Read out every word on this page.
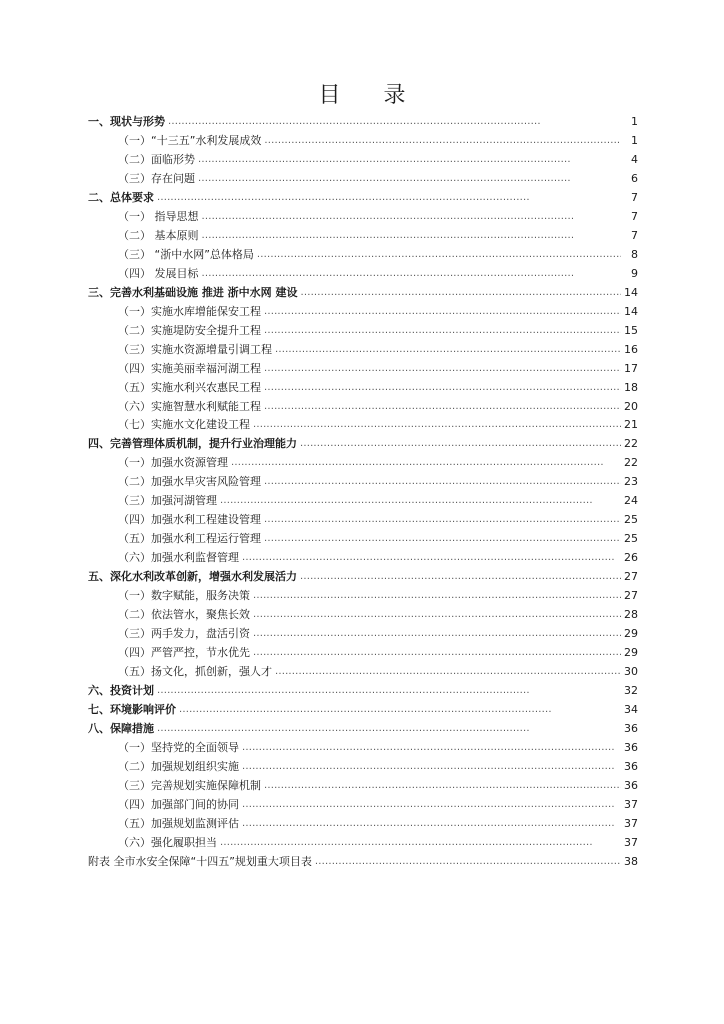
目 录
一、现状与形势 . . .	1
（一）“十三五”水利发展成效 . . .	1
（二）面临形势 . . .	4
（三）存在问题 . . .	6
二、总体要求 . . .	7
（一） 指导思想 . . .	7
（二） 基本原则 . . .	7
（三） “浙中水网”总体格局 . . .	8
（四） 发展目标 . . .	9
三、完善水利基础设施 推进 浙中水网 建设 . . .	14
（一）实施水库增能保安工程 . . .	14
（二）实施堤防安全提升工程 . . .	15
（三）实施水资源增量引调工程 . . .	16
（四）实施美丽幸福河湖工程 . . .	17
（五）实施水利兴农惠民工程 . . .	18
（六）实施智慧水利赋能工程 . . .	20
（七）实施水文化建设工程 . . .	21
四、完善管理体质机制，提升行业治理能力 . . .	22
（一）加强水资源管理 . . .	22
（二）加强水旱灾害风险管理 . . .	23
（三）加强河湖管理 . . .	24
（四）加强水利工程建设管理 . . .	25
（五）加强水利工程运行管理 . . .	25
（六）加强水利监督管理 . . .	26
五、深化水利改革创新，增强水利发展活力 . . .	27
（一）数字赋能，服务决策 . . .	27
（二）依法管水，聚焦长效 . . .	28
（三）两手发力，盘活引资 . . .	29
（四）严管严控，节水优先 . . .	29
（五）扬文化，抓创新，强人才 . . .	30
六、投资计划 . . .	32
七、环境影响评价 . . .	34
八、保障措施 . . .	36
（一）坚持党的全面领导 . . .	36
（二）加强规划组织实施 . . .	36
（三）完善规划实施保障机制 . . .	36
（四）加强部门间的协同 . . .	37
（五）加强规划监测评估 . . .	37
（六）强化履职担当 . . .	37
附表 全市水安全保障“十四五”规划重大项目表 . . .	38
